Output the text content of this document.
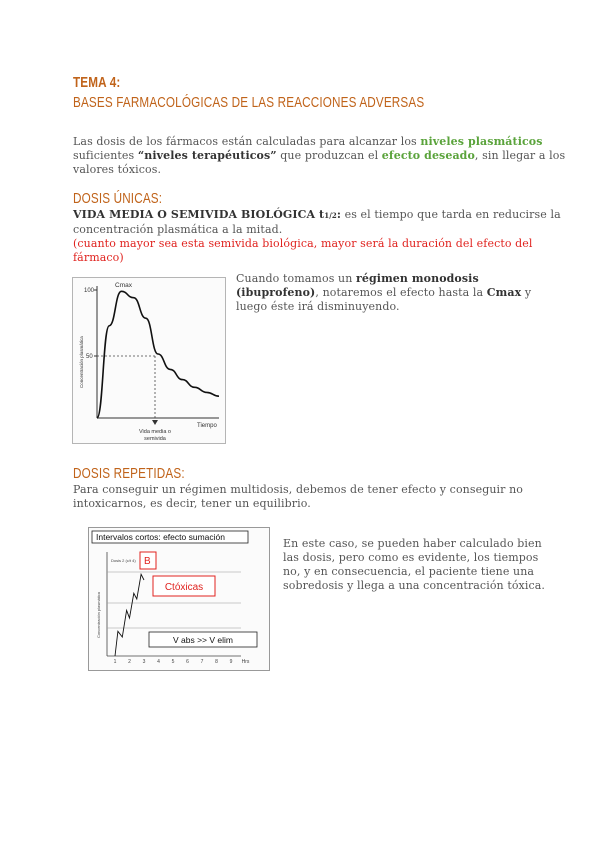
TEMA 4:
BASES FARMACOLÓGICAS DE LAS REACCIONES ADVERSAS
Las dosis de los fármacos están calculadas para alcanzar los niveles plasmáticos
suficientes “niveles terapéuticos” que produzcan el efecto deseado, sin llegar a los
valores tóxicos.
DOSIS ÚNICAS:
VIDA MEDIA O SEMIVIDA BIOLÓGICA t1/2: es el tiempo que tarda en reducirse la
concentración plasmática a la mitad.
(cuanto mayor sea esta semivida biológica, mayor será la duración del efecto del
fármaco)
100
50
Concentración plasmática
Tiempo
Cmax
Vida media o
semivida
Cuando tomamos un régimen monodosis
(ibuprofeno), notaremos el efecto hasta la Cmax y
luego éste irá disminuyendo.
DOSIS REPETIDAS:
Para conseguir un régimen multidosis, debemos de tener efecto y conseguir no
intoxicarnos, es decir, tener un equilibrio.
Intervalos cortos: efecto sumación
Concentración plasmática
Dosis 2 (c/t 4)
1 2 3 4 5 6 7 8 9 Hrs
B
Ctóxicas
V abs >> V elim
En este caso, se pueden haber calculado bien
las dosis, pero como es evidente, los tiempos
no, y en consecuencia, el paciente tiene una
sobredosis y llega a una concentración tóxica.
